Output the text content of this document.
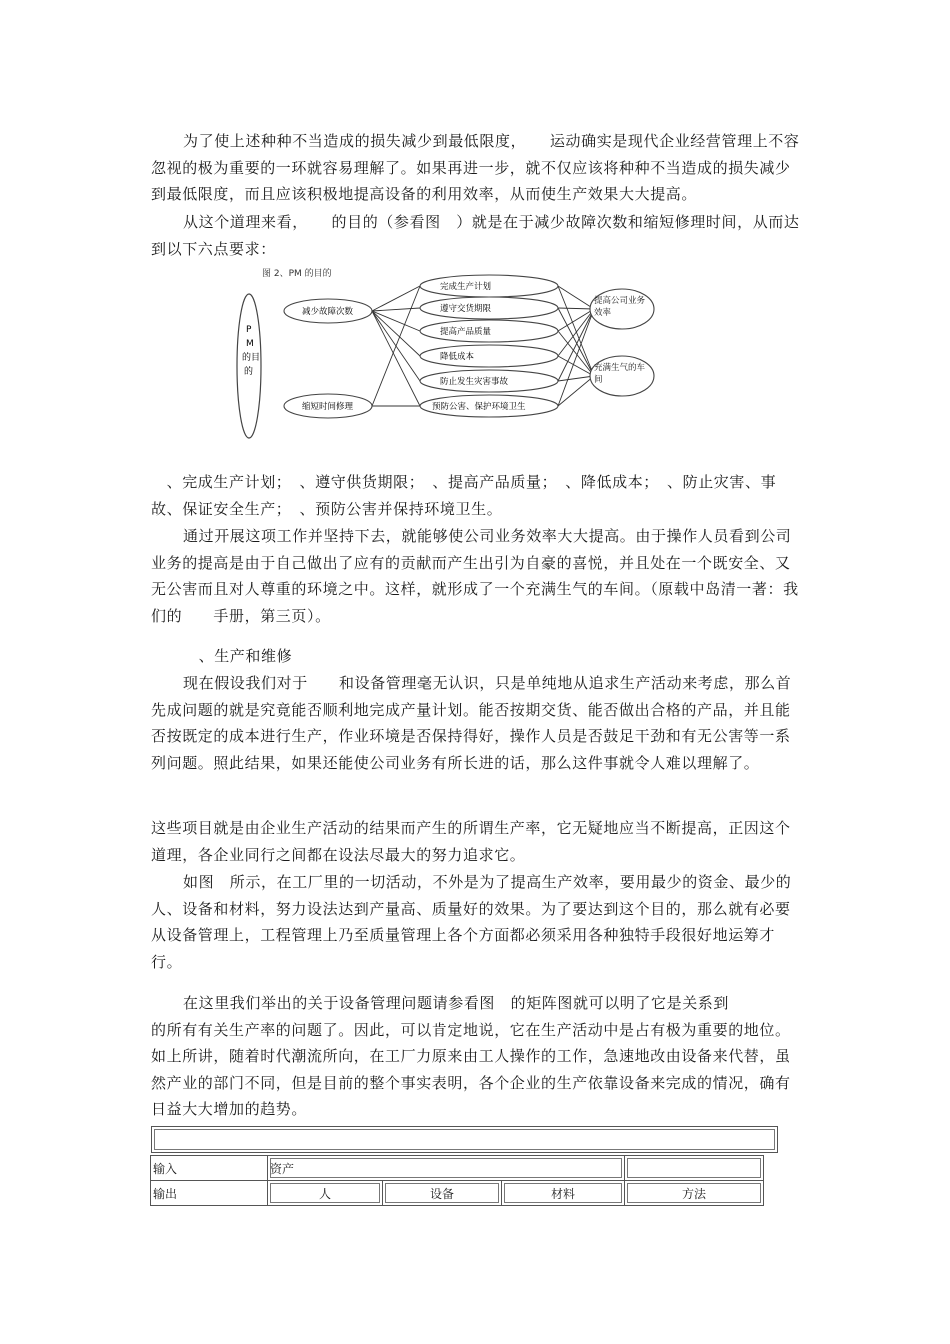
为了使上述种种不当造成的损失减少到最低限度，　　运动确实是现代企业经营管理上不容忽视的极为重要的一环就容易理解了。如果再进一步，就不仅应该将种种不当造成的损失减少到最低限度，而且应该积极地提高设备的利用效率，从而使生产效果大大提高。

从这个道理来看，　　的目的（参看图　）就是在于减少故障次数和缩短修理时间，从而达到以下六点要求：

图 2、PM 的目的
P
M
的目
的
减少故障次数
缩短时间修理
完成生产计划
遵守交货期限
提高产品质量
降低成本
防止发生灾害事故
预防公害、保护环境卫生
提高公司业务效率
充满生气的车间

　、完成生产计划；　、遵守供货期限；　、提高产品质量；　、降低成本；　、防止灾害、事故、保证安全生产；　、预防公害并保持环境卫生。

通过开展这项工作并坚持下去，就能够使公司业务效率大大提高。由于操作人员看到公司业务的提高是由于自己做出了应有的贡献而产生出引为自豪的喜悦，并且处在一个既安全、又无公害而且对人尊重的环境之中。这样，就形成了一个充满生气的车间。（原载中岛清一著：我们的　　手册，第三页）。

　、生产和维修

现在假设我们对于　　和设备管理毫无认识，只是单纯地从追求生产活动来考虑，那么首先成问题的就是究竟能否顺利地完成产量计划。能否按期交货、能否做出合格的产品，并且能否按既定的成本进行生产，作业环境是否保持得好，操作人员是否鼓足干劲和有无公害等一系列问题。照此结果，如果还能使公司业务有所长进的话，那么这件事就令人难以理解了。

这些项目就是由企业生产活动的结果而产生的所谓生产率，它无疑地应当不断提高，正因这个道理，各企业同行之间都在设法尽最大的努力追求它。

如图　所示，在工厂里的一切活动，不外是为了提高生产效率，要用最少的资金、最少的人、设备和材料，努力设法达到产量高、质量好的效果。为了要达到这个目的，那么就有必要从设备管理上，工程管理上乃至质量管理上各个方面都必须采用各种独特手段很好地运筹才行。

在这里我们举出的关于设备管理问题请参看图　的矩阵图就可以明了它是关系到　　　　　　　的所有有关生产率的问题了。因此，可以肯定地说，它在生产活动中是占有极为重要的地位。如上所讲，随着时代潮流所向，在工厂力原来由工人操作的工作，急速地改由设备来代替，虽然产业的部门不同，但是目前的整个事实表明，各个企业的生产依靠设备来完成的情况，确有日益大大增加的趋势。

输入	资产			
输出	人	设备	材料	方法
